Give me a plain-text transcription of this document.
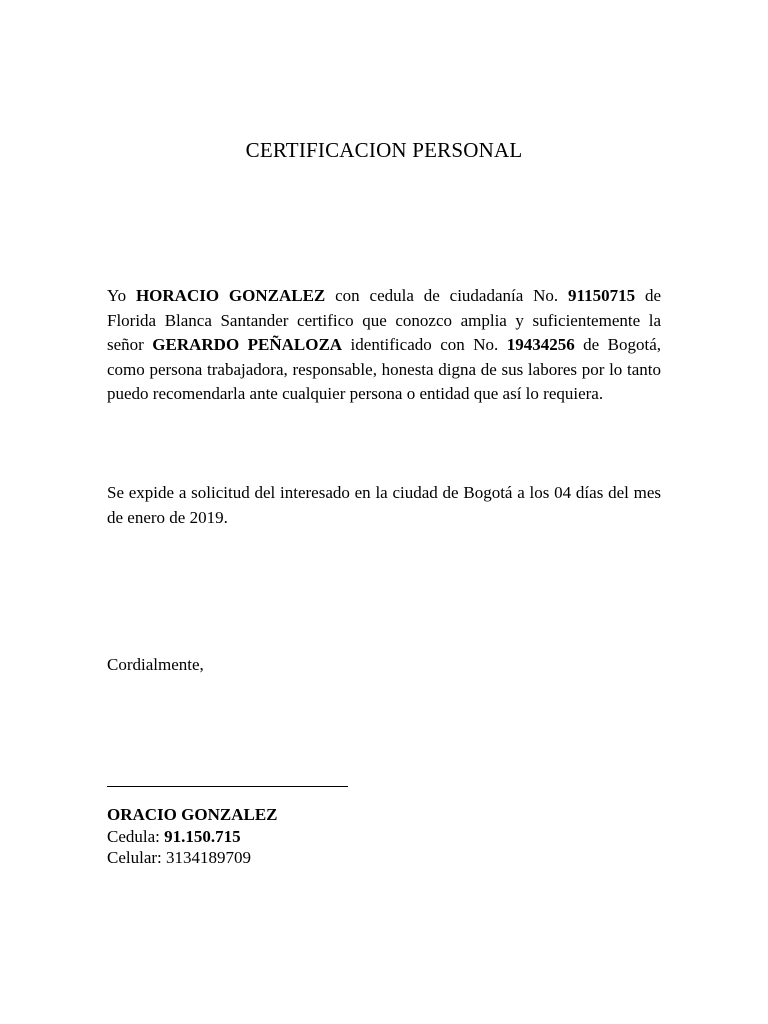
CERTIFICACION PERSONAL

Yo HORACIO GONZALEZ con cedula de ciudadanía No. 91150715 de Florida Blanca Santander certifico que conozco amplia y suficientemente la señor GERARDO PEÑALOZA identificado con No. 19434256 de Bogotá, como persona trabajadora, responsable, honesta digna de sus labores por lo tanto puedo recomendarla ante cualquier persona o entidad que así lo requiera.

Se expide a solicitud del interesado en la ciudad de Bogotá a los 04 días del mes de enero de 2019.

Cordialmente,
ORACIO GONZALEZ
Cedula: 91.150.715
Celular: 3134189709
